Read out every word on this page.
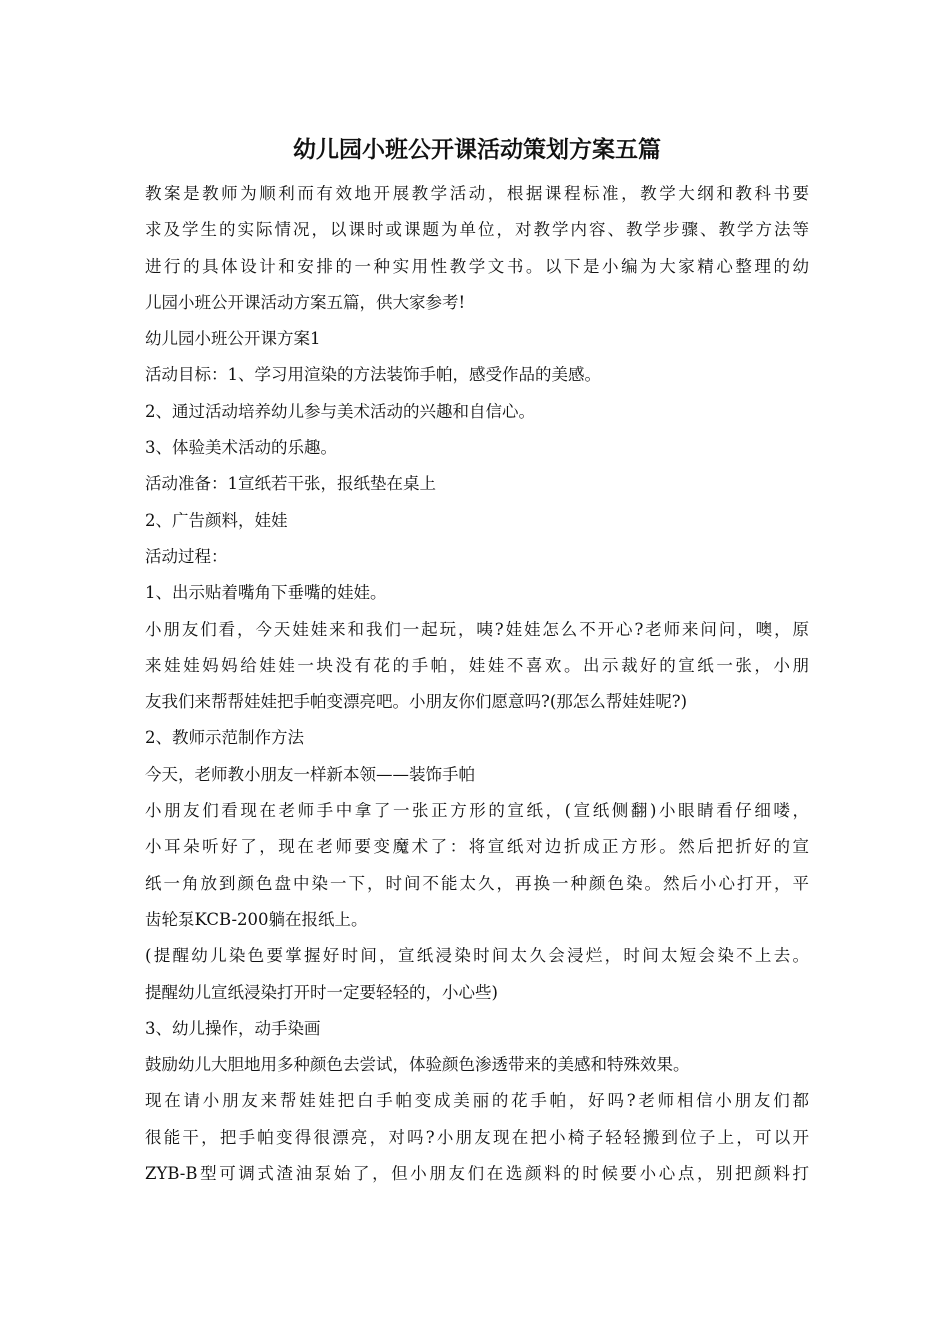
幼儿园小班公开课活动策划方案五篇
教案是教师为顺利而有效地开展教学活动，根据课程标准，教学大纲和教科书要
求及学生的实际情况，以课时或课题为单位，对教学内容、教学步骤、教学方法等
进行的具体设计和安排的一种实用性教学文书。以下是小编为大家精心整理的幼
儿园小班公开课活动方案五篇，供大家参考!
幼儿园小班公开课方案1
活动目标：1、学习用渲染的方法装饰手帕，感受作品的美感。
2、通过活动培养幼儿参与美术活动的兴趣和自信心。
3、体验美术活动的乐趣。
活动准备：1宣纸若干张，报纸垫在桌上
2、广告颜料，娃娃
活动过程：
1、出示贴着嘴角下垂嘴的娃娃。
小朋友们看，今天娃娃来和我们一起玩，咦?娃娃怎么不开心?老师来问问，噢，原
来娃娃妈妈给娃娃一块没有花的手帕，娃娃不喜欢。出示裁好的宣纸一张，小朋
友我们来帮帮娃娃把手帕变漂亮吧。小朋友你们愿意吗?(那怎么帮娃娃呢?)
2、教师示范制作方法
今天，老师教小朋友一样新本领——装饰手帕
小朋友们看现在老师手中拿了一张正方形的宣纸，(宣纸侧翻)小眼睛看仔细喽，
小耳朵听好了，现在老师要变魔术了：将宣纸对边折成正方形。然后把折好的宣
纸一角放到颜色盘中染一下，时间不能太久，再换一种颜色染。然后小心打开，平
齿轮泵KCB-200躺在报纸上。
(提醒幼儿染色要掌握好时间，宣纸浸染时间太久会浸烂，时间太短会染不上去。
提醒幼儿宣纸浸染打开时一定要轻轻的，小心些)
3、幼儿操作，动手染画
鼓励幼儿大胆地用多种颜色去尝试，体验颜色渗透带来的美感和特殊效果。
现在请小朋友来帮娃娃把白手帕变成美丽的花手帕，好吗?老师相信小朋友们都
很能干，把手帕变得很漂亮，对吗?小朋友现在把小椅子轻轻搬到位子上，可以开
ZYB-B型可调式渣油泵始了，但小朋友们在选颜料的时候要小心点，别把颜料打
